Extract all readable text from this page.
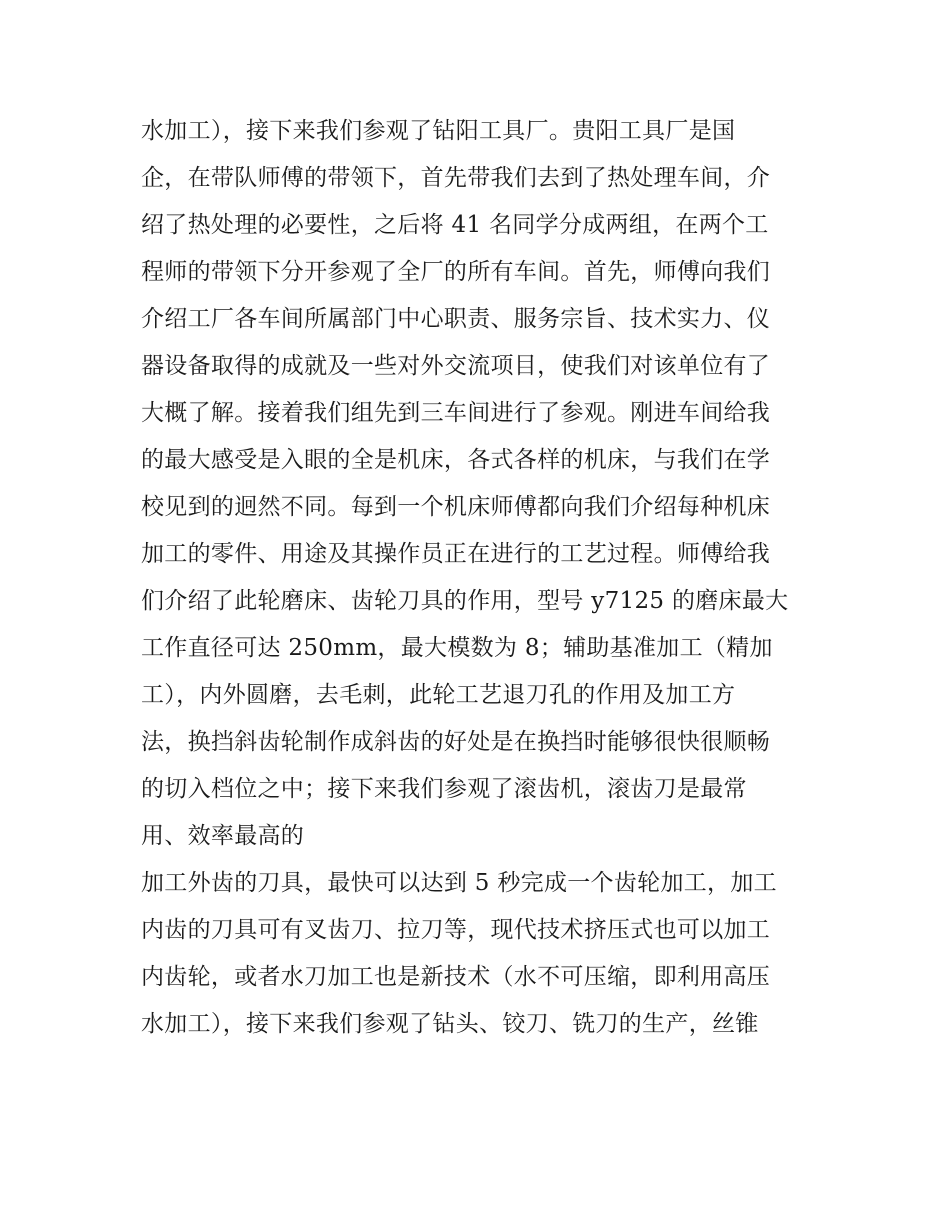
水加工），接下来我们参观了钻阳工具厂。贵阳工具厂是国
企，在带队师傅的带领下，首先带我们去到了热处理车间，介
绍了热处理的必要性，之后将 41 名同学分成两组，在两个工
程师的带领下分开参观了全厂的所有车间。首先，师傅向我们
介绍工厂各车间所属部门中心职责、服务宗旨、技术实力、仪
器设备取得的成就及一些对外交流项目，使我们对该单位有了
大概了解。接着我们组先到三车间进行了参观。刚进车间给我
的最大感受是入眼的全是机床，各式各样的机床，与我们在学
校见到的迥然不同。每到一个机床师傅都向我们介绍每种机床
加工的零件、用途及其操作员正在进行的工艺过程。师傅给我
们介绍了此轮磨床、齿轮刀具的作用，型号 y7125 的磨床最大
工作直径可达 250mm，最大模数为 8；辅助基准加工（精加
工），内外圆磨，去毛刺，此轮工艺退刀孔的作用及加工方
法，换挡斜齿轮制作成斜齿的好处是在换挡时能够很快很顺畅
的切入档位之中；接下来我们参观了滚齿机，滚齿刀是最常
用、效率最高的
加工外齿的刀具，最快可以达到 5 秒完成一个齿轮加工，加工
内齿的刀具可有叉齿刀、拉刀等，现代技术挤压式也可以加工
内齿轮，或者水刀加工也是新技术（水不可压缩，即利用高压
水加工），接下来我们参观了钻头、铰刀、铣刀的生产，丝锥
